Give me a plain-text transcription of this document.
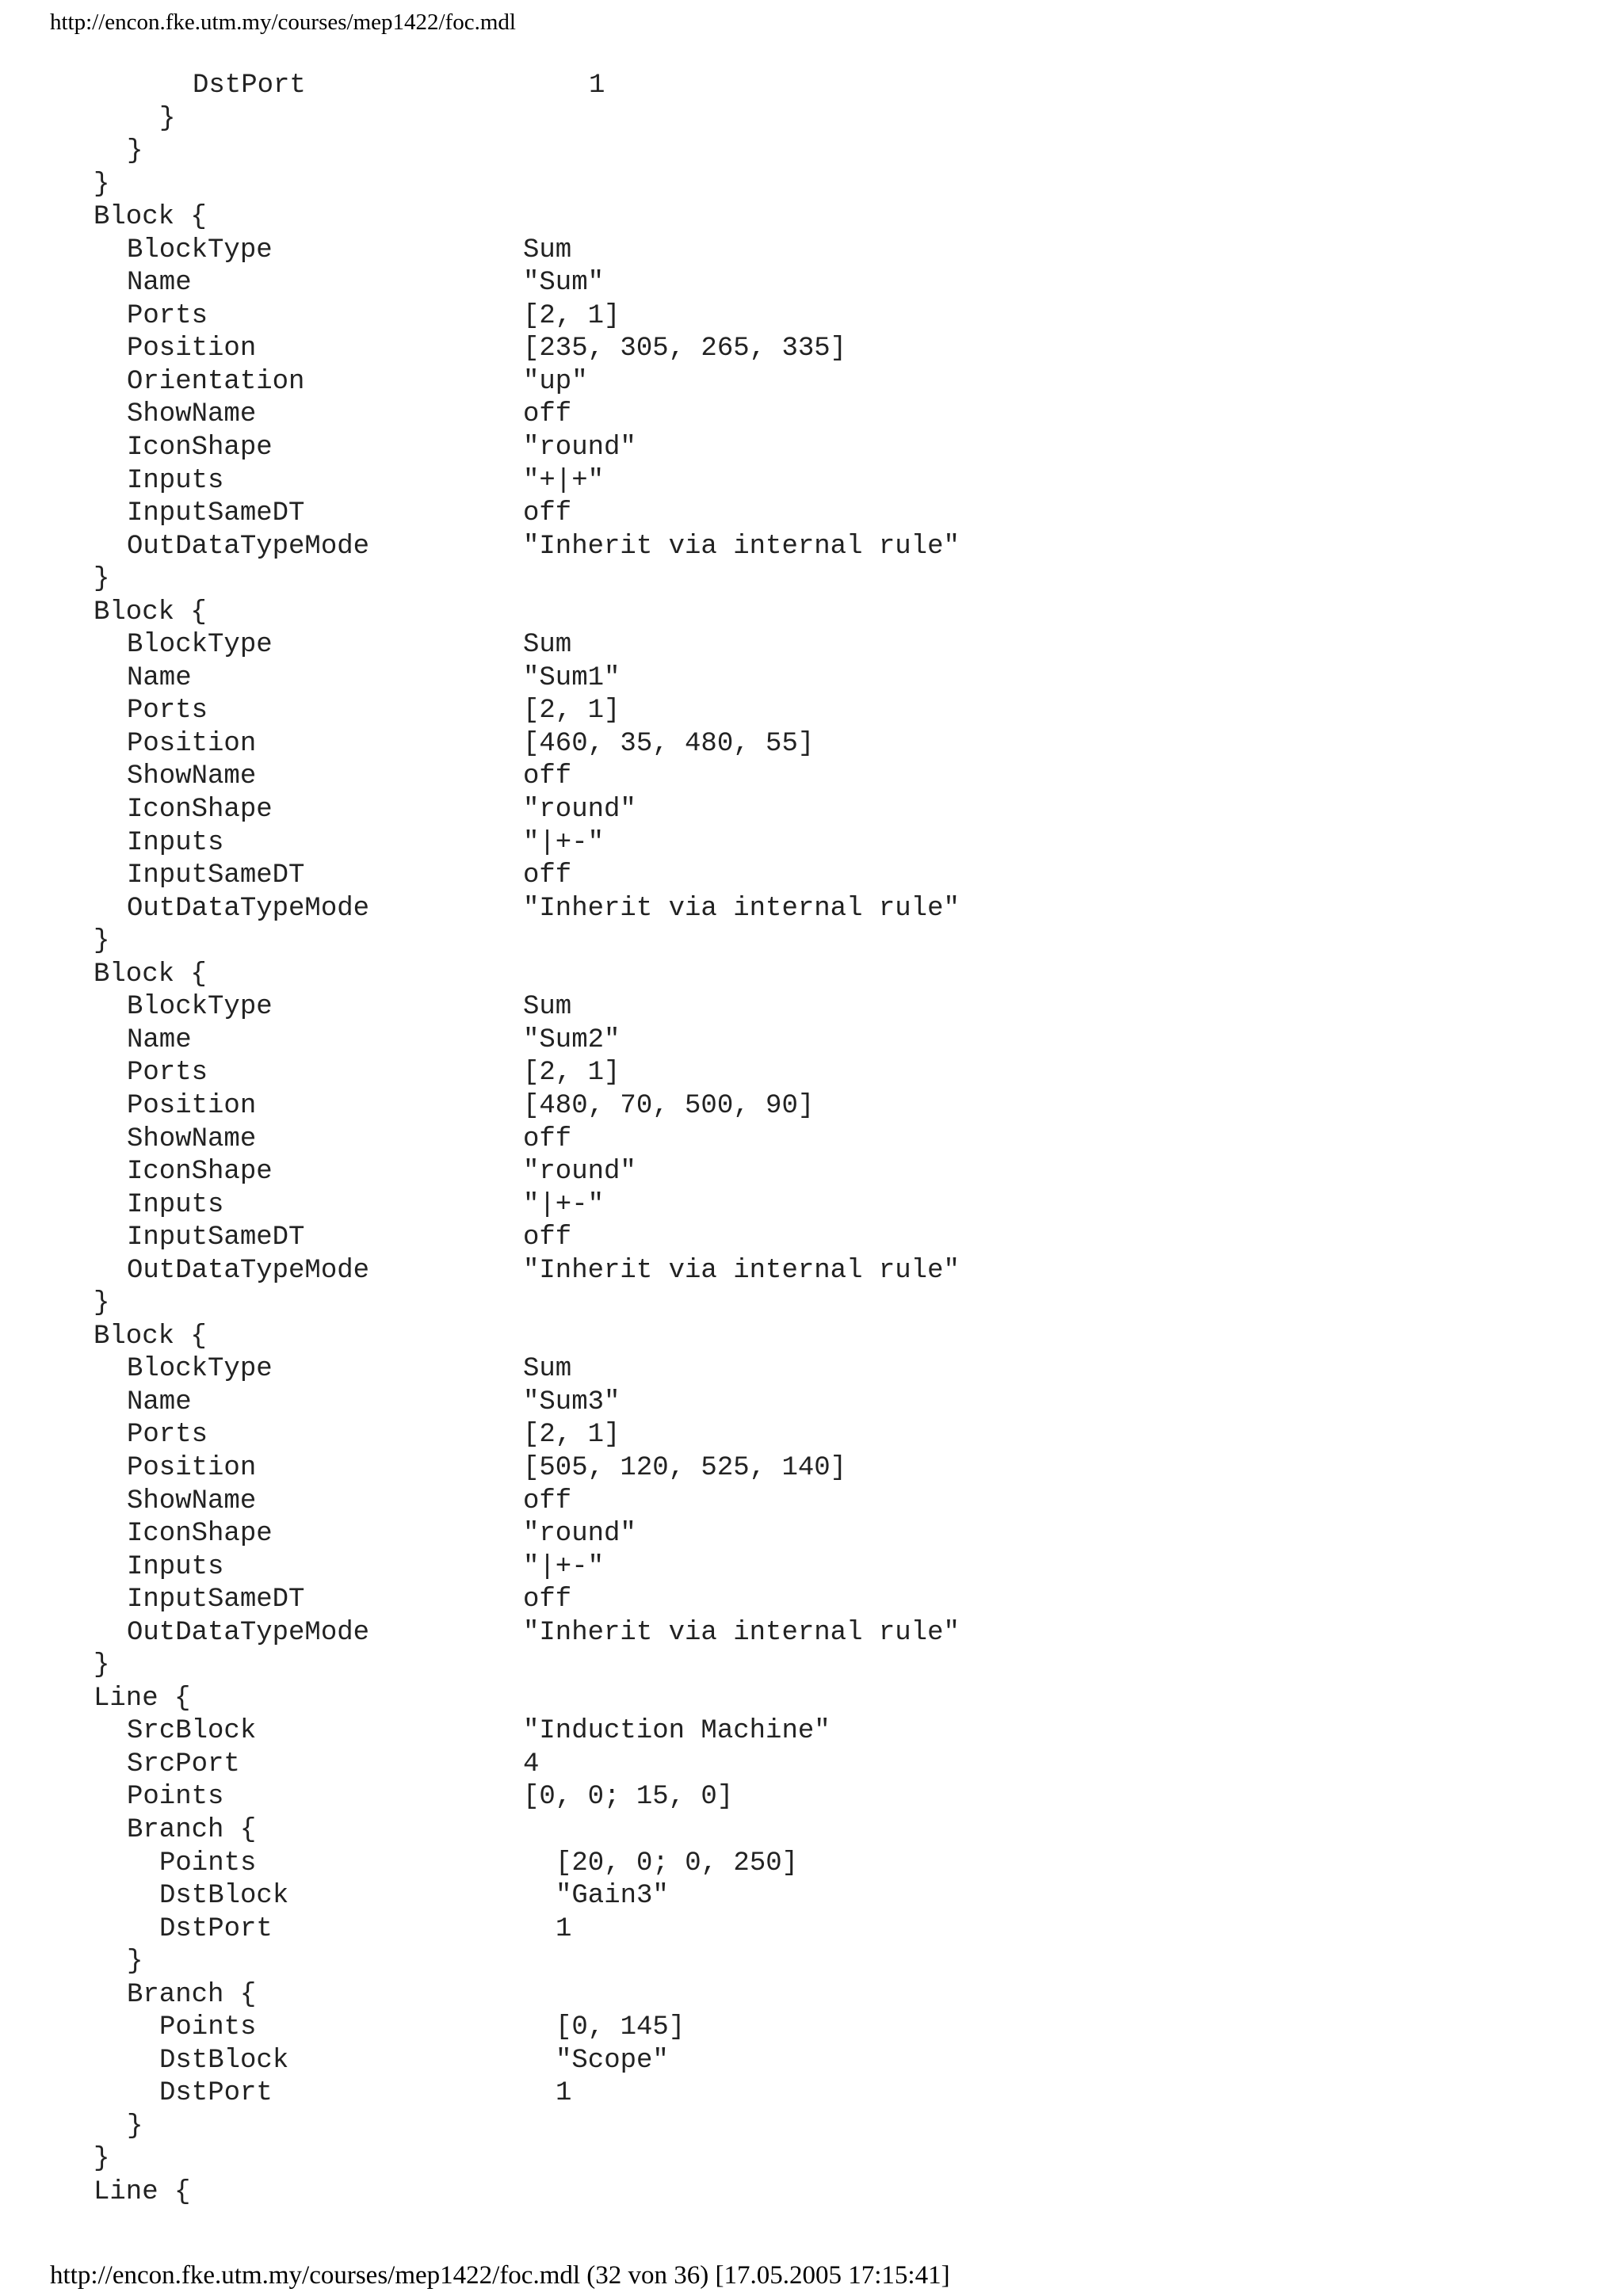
http://encon.fke.utm.my/courses/mep1422/foc.mdl
DstPort	1
}
}
}
Block {
BlockType	Sum
Name	"Sum"
Ports	[2, 1]
Position	[235, 305, 265, 335]
Orientation	"up"
ShowName	off
IconShape	"round"
Inputs	"+|+"
InputSameDT	off
OutDataTypeMode	"Inherit via internal rule"
}
Block {
BlockType	Sum
Name	"Sum1"
Ports	[2, 1]
Position	[460, 35, 480, 55]
ShowName	off
IconShape	"round"
Inputs	"|+-"
InputSameDT	off
OutDataTypeMode	"Inherit via internal rule"
}
Block {
BlockType	Sum
Name	"Sum2"
Ports	[2, 1]
Position	[480, 70, 500, 90]
ShowName	off
IconShape	"round"
Inputs	"|+-"
InputSameDT	off
OutDataTypeMode	"Inherit via internal rule"
}
Block {
BlockType	Sum
Name	"Sum3"
Ports	[2, 1]
Position	[505, 120, 525, 140]
ShowName	off
IconShape	"round"
Inputs	"|+-"
InputSameDT	off
OutDataTypeMode	"Inherit via internal rule"
}
Line {
SrcBlock	"Induction Machine"
SrcPort	4
Points	[0, 0; 15, 0]
Branch {
Points	[20, 0; 0, 250]
DstBlock	"Gain3"
DstPort	1
}
Branch {
Points	[0, 145]
DstBlock	"Scope"
DstPort	1
}
}
Line {
http://encon.fke.utm.my/courses/mep1422/foc.mdl (32 von 36) [17.05.2005 17:15:41]
